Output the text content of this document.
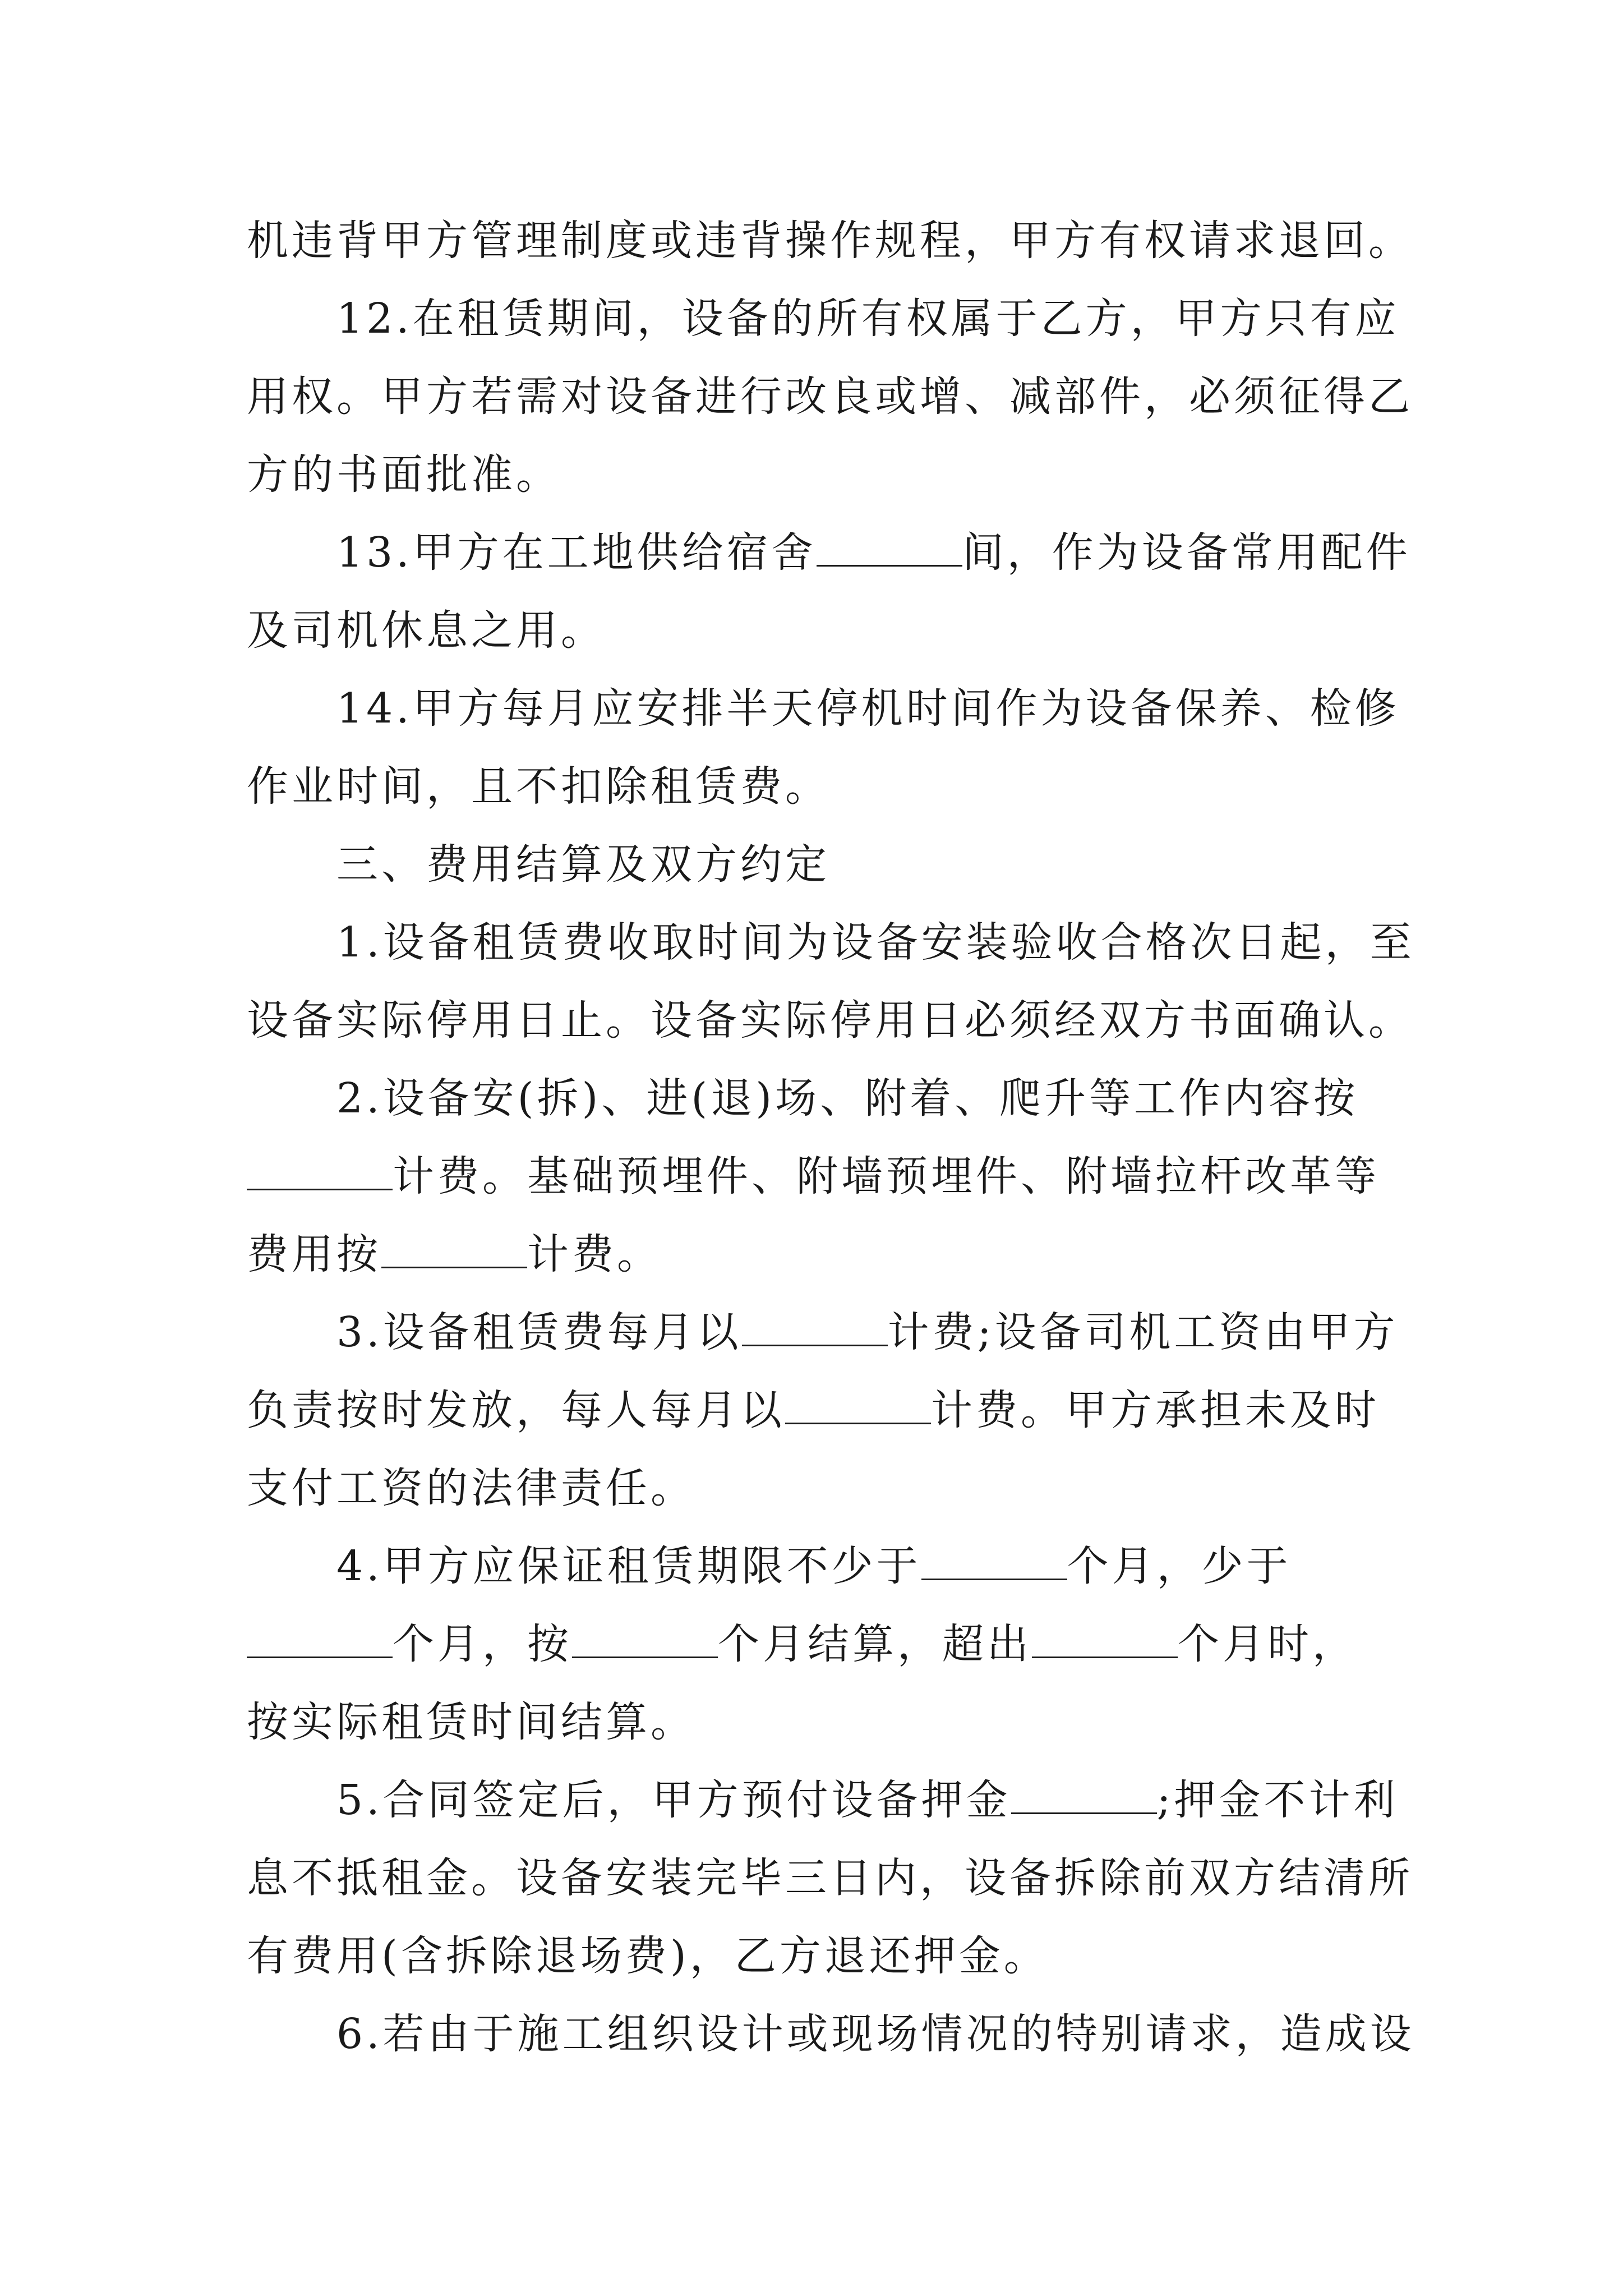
机违背甲方管理制度或违背操作规程，甲方有权请求退回。
12.在租赁期间，设备的所有权属于乙方，甲方只有应
用权。甲方若需对设备进行改良或增、减部件，必须征得乙
方的书面批准。
13.甲方在工地供给宿舍	间，作为设备常用配件
及司机休息之用。
14.甲方每月应安排半天停机时间作为设备保养、检修
作业时间，且不扣除租赁费。
三、费用结算及双方约定
1.设备租赁费收取时间为设备安装验收合格次日起，至
设备实际停用日止。设备实际停用日必须经双方书面确认。
2.设备安(拆)、进(退)场、附着、爬升等工作内容按
计费。基础预埋件、附墙预埋件、附墙拉杆改革等
费用按	计费。
3.设备租赁费每月以	计费;设备司机工资由甲方
负责按时发放，每人每月以	计费。甲方承担未及时
支付工资的法律责任。
4.甲方应保证租赁期限不少于	个月，少于
个月，按	个月结算，超出	个月时，
按实际租赁时间结算。
5.合同签定后，甲方预付设备押金	;押金不计利
息不抵租金。设备安装完毕三日内，设备拆除前双方结清所
有费用(含拆除退场费)，乙方退还押金。
6.若由于施工组织设计或现场情况的特别请求，造成设
